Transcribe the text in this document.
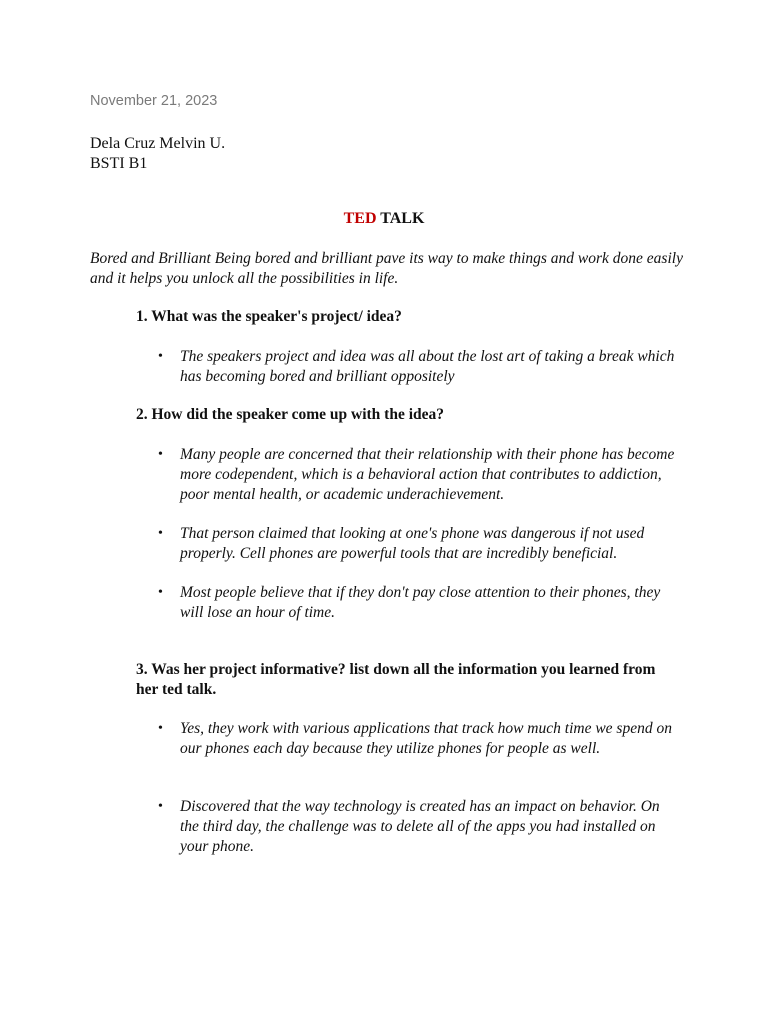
November 21, 2023
Dela Cruz Melvin U.
BSTI B1
TED TALK
Bored and Brilliant Being bored and brilliant pave its way to make things and work done easily and it helps you unlock all the possibilities in life.
1. What was the speaker's project/ idea?
• The speakers project and idea was all about the lost art of taking a break which has becoming bored and brilliant oppositely
2. How did the speaker come up with the idea?
• Many people are concerned that their relationship with their phone has become more codependent, which is a behavioral action that contributes to addiction, poor mental health, or academic underachievement.
• That person claimed that looking at one's phone was dangerous if not used properly. Cell phones are powerful tools that are incredibly beneficial.
• Most people believe that if they don't pay close attention to their phones, they will lose an hour of time.
3. Was her project informative? list down all the information you learned from her ted talk.
• Yes, they work with various applications that track how much time we spend on our phones each day because they utilize phones for people as well.
• Discovered that the way technology is created has an impact on behavior. On the third day, the challenge was to delete all of the apps you had installed on your phone.
